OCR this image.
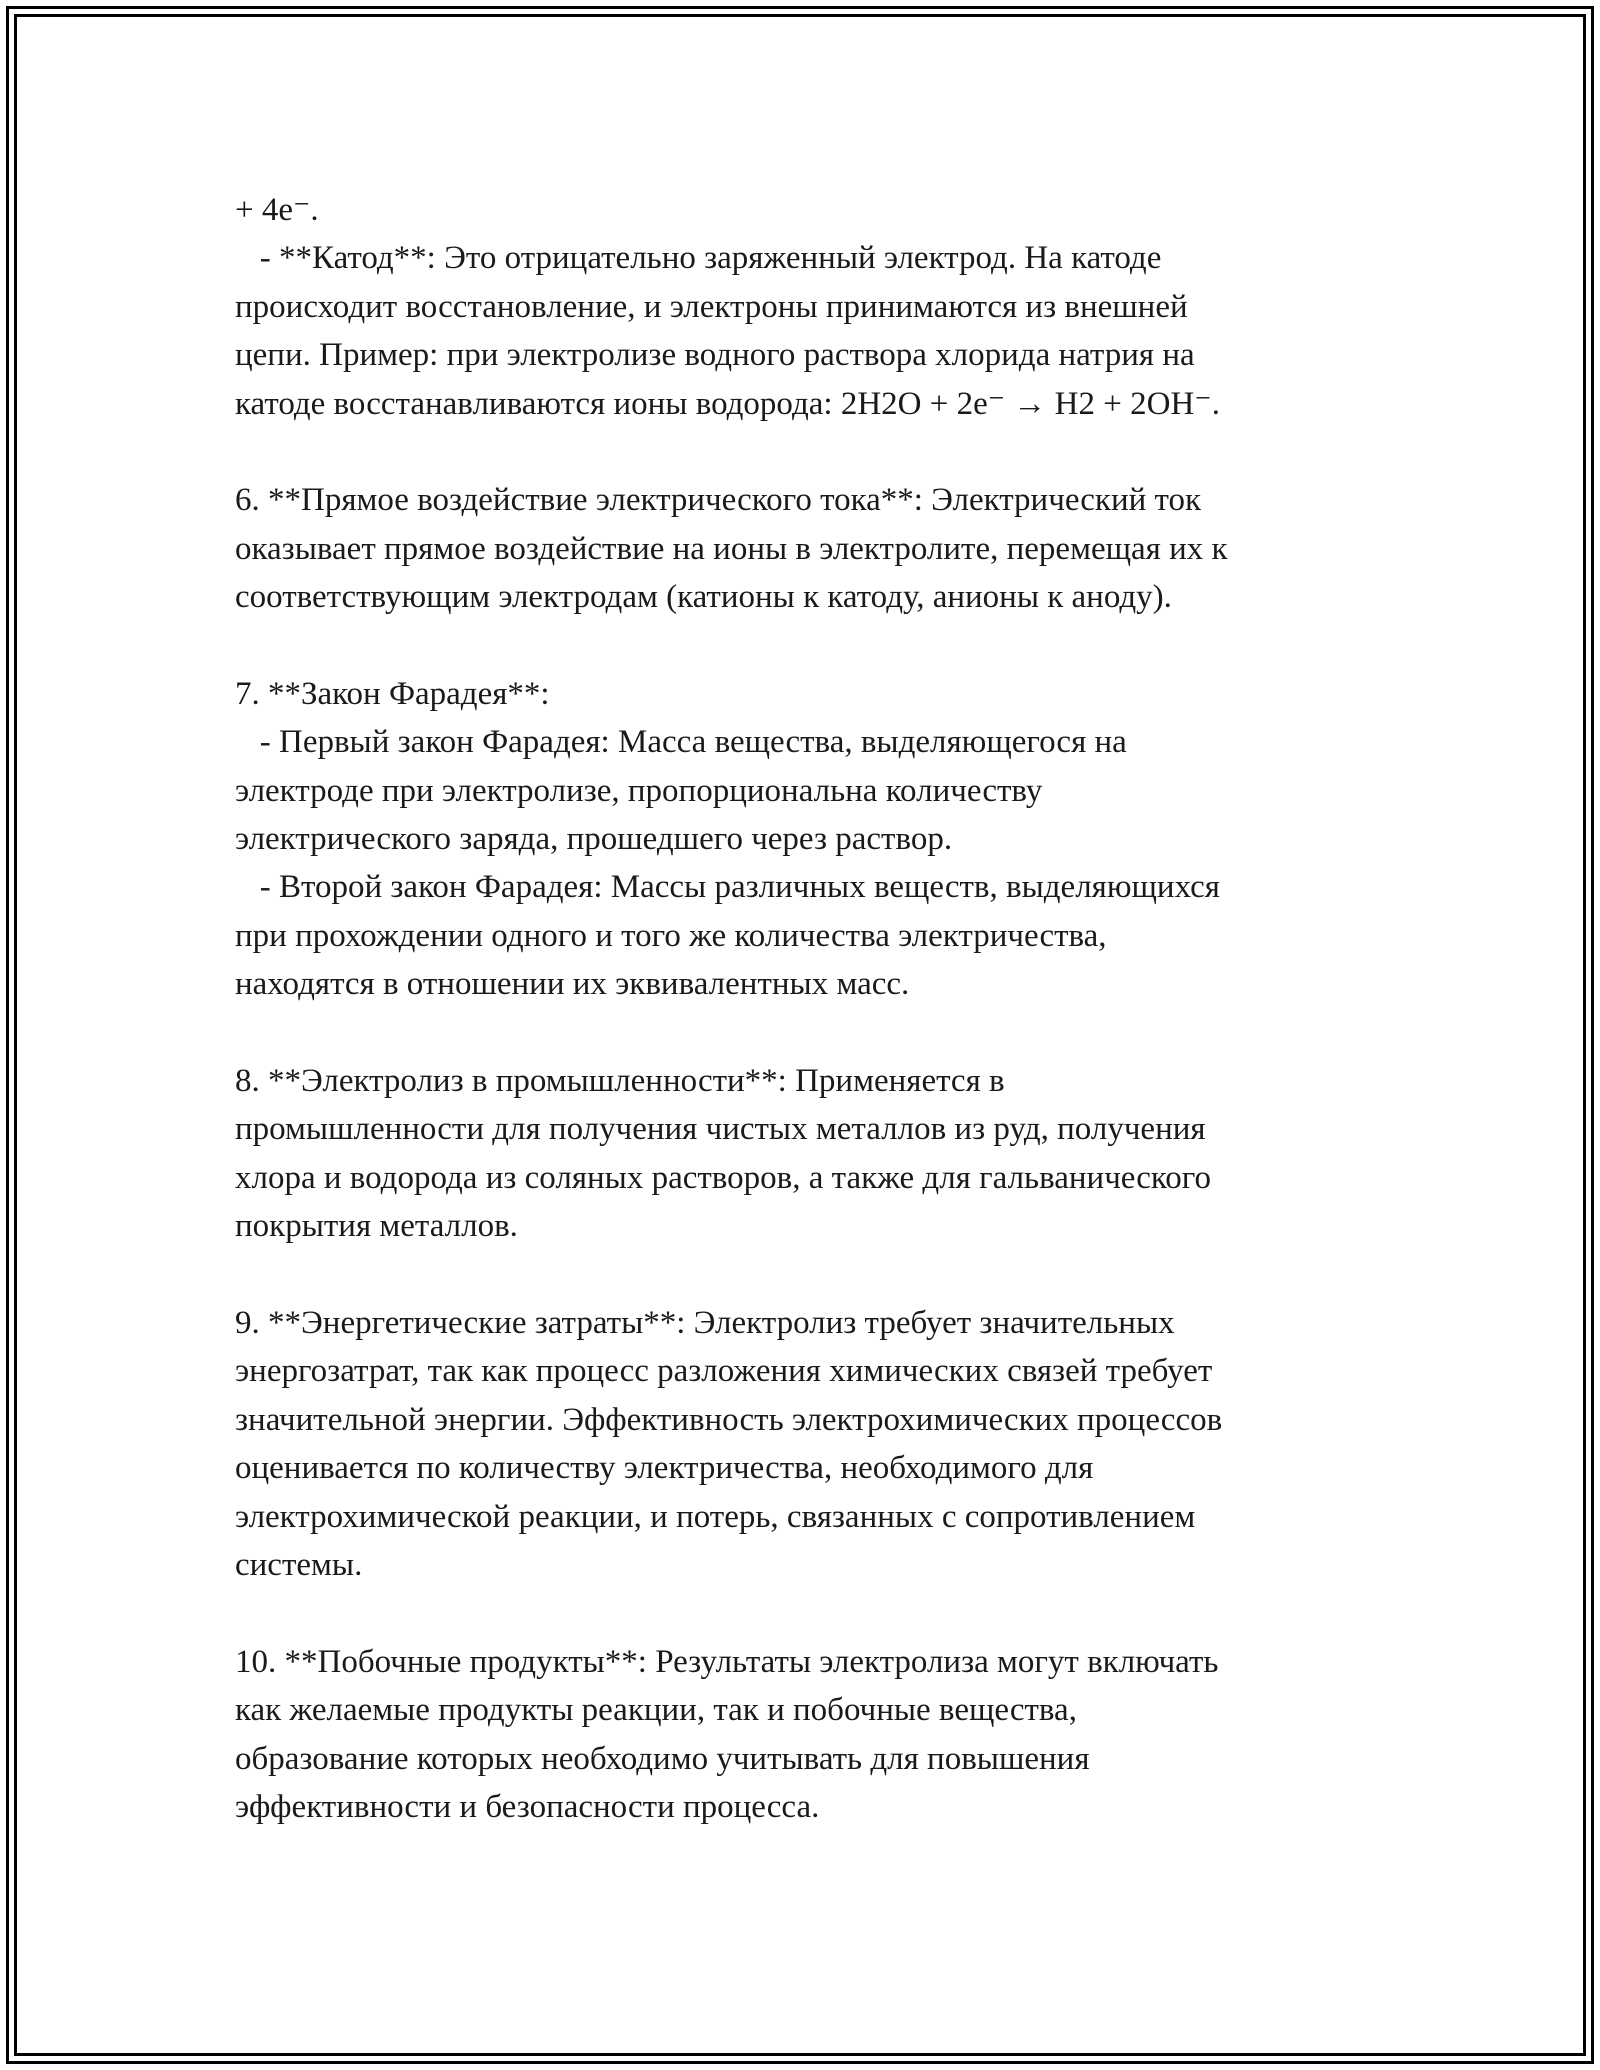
+ 4e⁻.
- **Катод**: Это отрицательно заряженный электрод. На катоде
происходит восстановление, и электроны принимаются из внешней
цепи. Пример: при электролизе водного раствора хлорида натрия на
катоде восстанавливаются ионы водорода: 2H2O + 2e⁻ → H2 + 2OH⁻.
6. **Прямое воздействие электрического тока**: Электрический ток
оказывает прямое воздействие на ионы в электролите, перемещая их к
соответствующим электродам (катионы к катоду, анионы к аноду).
7. **Закон Фарадея**:
- Первый закон Фарадея: Масса вещества, выделяющегося на
электроде при электролизе, пропорциональна количеству
электрического заряда, прошедшего через раствор.
- Второй закон Фарадея: Массы различных веществ, выделяющихся
при прохождении одного и того же количества электричества,
находятся в отношении их эквивалентных масс.
8. **Электролиз в промышленности**: Применяется в
промышленности для получения чистых металлов из руд, получения
хлора и водорода из соляных растворов, а также для гальванического
покрытия металлов.
9. **Энергетические затраты**: Электролиз требует значительных
энергозатрат, так как процесс разложения химических связей требует
значительной энергии. Эффективность электрохимических процессов
оценивается по количеству электричества, необходимого для
электрохимической реакции, и потерь, связанных с сопротивлением
системы.
10. **Побочные продукты**: Результаты электролиза могут включать
как желаемые продукты реакции, так и побочные вещества,
образование которых необходимо учитывать для повышения
эффективности и безопасности процесса.
